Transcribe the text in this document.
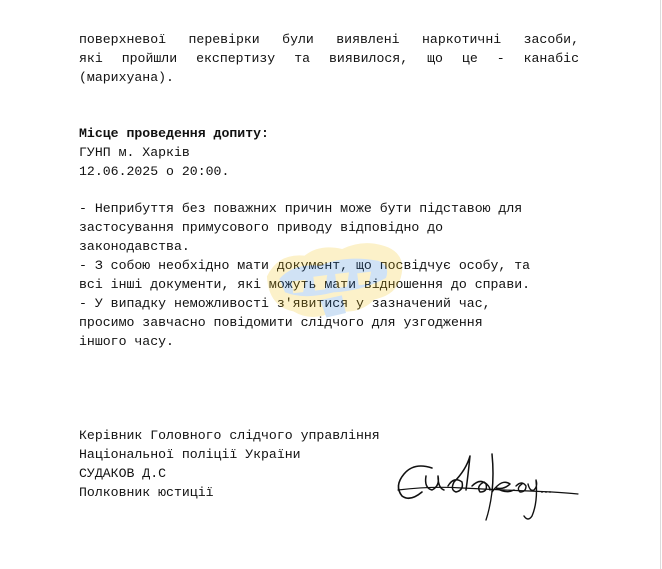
поверхневої перевірки були виявлені наркотичні засоби,
які пройшли експертизу та виявилося, що це - канабіс
(марихуана).
Місце проведення допиту:
ГУНП м. Харків
12.06.2025 о 20:00.
- Неприбуття без поважних причин може бути підставою для
застосування примусового приводу відповідно до
законодавства.
- З собою необхідно мати документ, що посвідчує особу, та
всі інші документи, які можуть мати відношення до справи.
- У випадку неможливості з'явитися у зазначений час,
просимо завчасно повідомити слідчого для узгодження
іншого часу.
Керівник Головного слідчого управління
Національної поліції України
СУДАКОВ Д.С
Полковник юстиції
